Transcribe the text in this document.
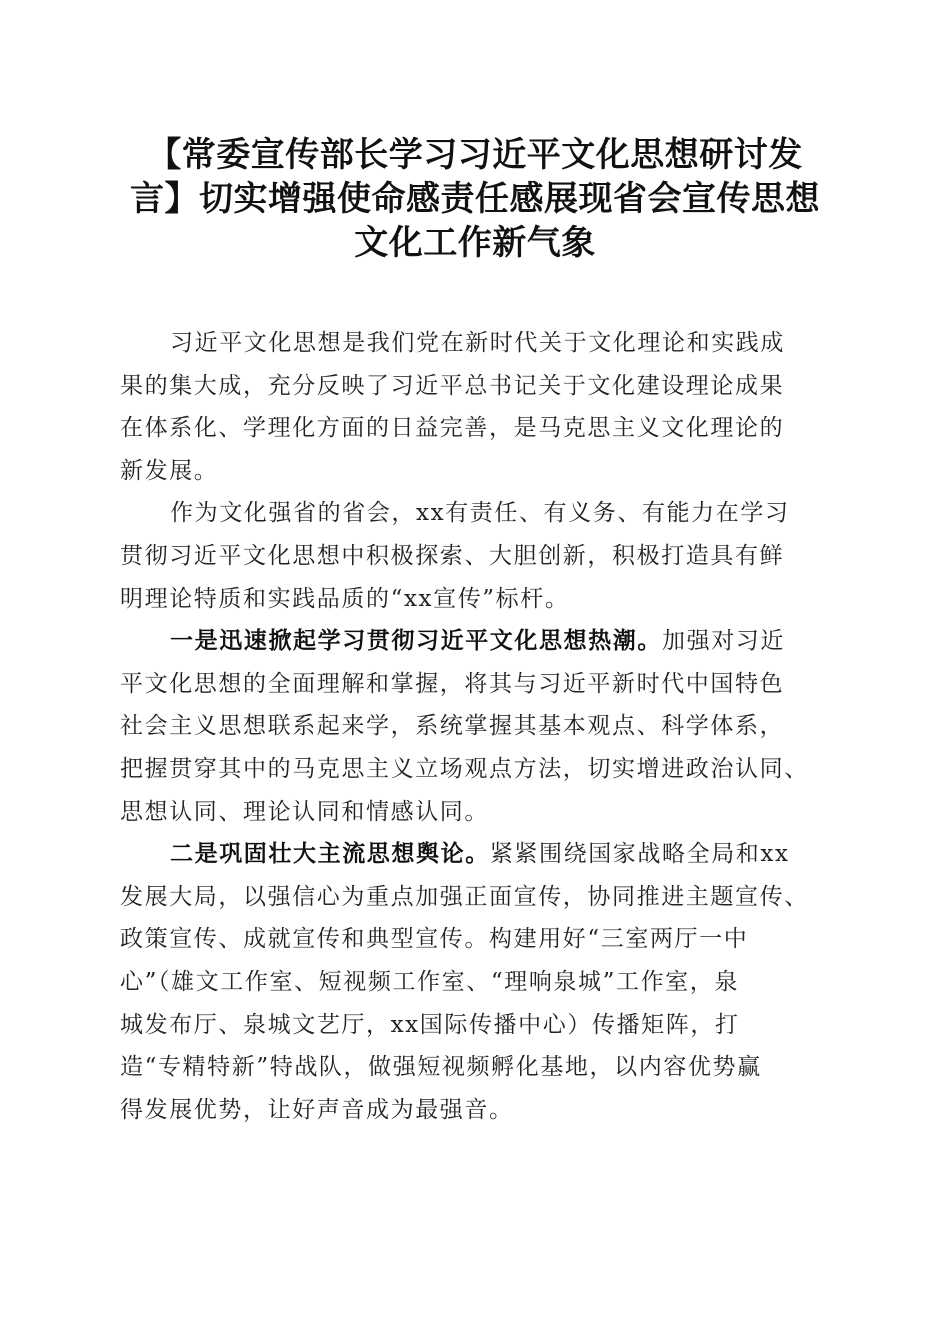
【常委宣传部长学习习近平文化思想研讨发
言】切实增强使命感责任感展现省会宣传思想
文化工作新气象

习近平文化思想是我们党在新时代关于文化理论和实践成
果的集大成，充分反映了习近平总书记关于文化建设理论成果
在体系化、学理化方面的日益完善，是马克思主义文化理论的
新发展。

作为文化强省的省会，xx有责任、有义务、有能力在学习
贯彻习近平文化思想中积极探索、大胆创新，积极打造具有鲜
明理论特质和实践品质的“xx宣传”标杆。

一是迅速掀起学习贯彻习近平文化思想热潮。加强对习近
平文化思想的全面理解和掌握，将其与习近平新时代中国特色
社会主义思想联系起来学，系统掌握其基本观点、科学体系，
把握贯穿其中的马克思主义立场观点方法，切实增进政治认同、
思想认同、理论认同和情感认同。

二是巩固壮大主流思想舆论。紧紧围绕国家战略全局和xx
发展大局，以强信心为重点加强正面宣传，协同推进主题宣传、
政策宣传、成就宣传和典型宣传。构建用好“三室两厅一中
心”（雄文工作室、短视频工作室、“理响泉城”工作室，泉
城发布厅、泉城文艺厅，xx国际传播中心）传播矩阵，打
造“专精特新”特战队，做强短视频孵化基地，以内容优势赢
得发展优势，让好声音成为最强音。
